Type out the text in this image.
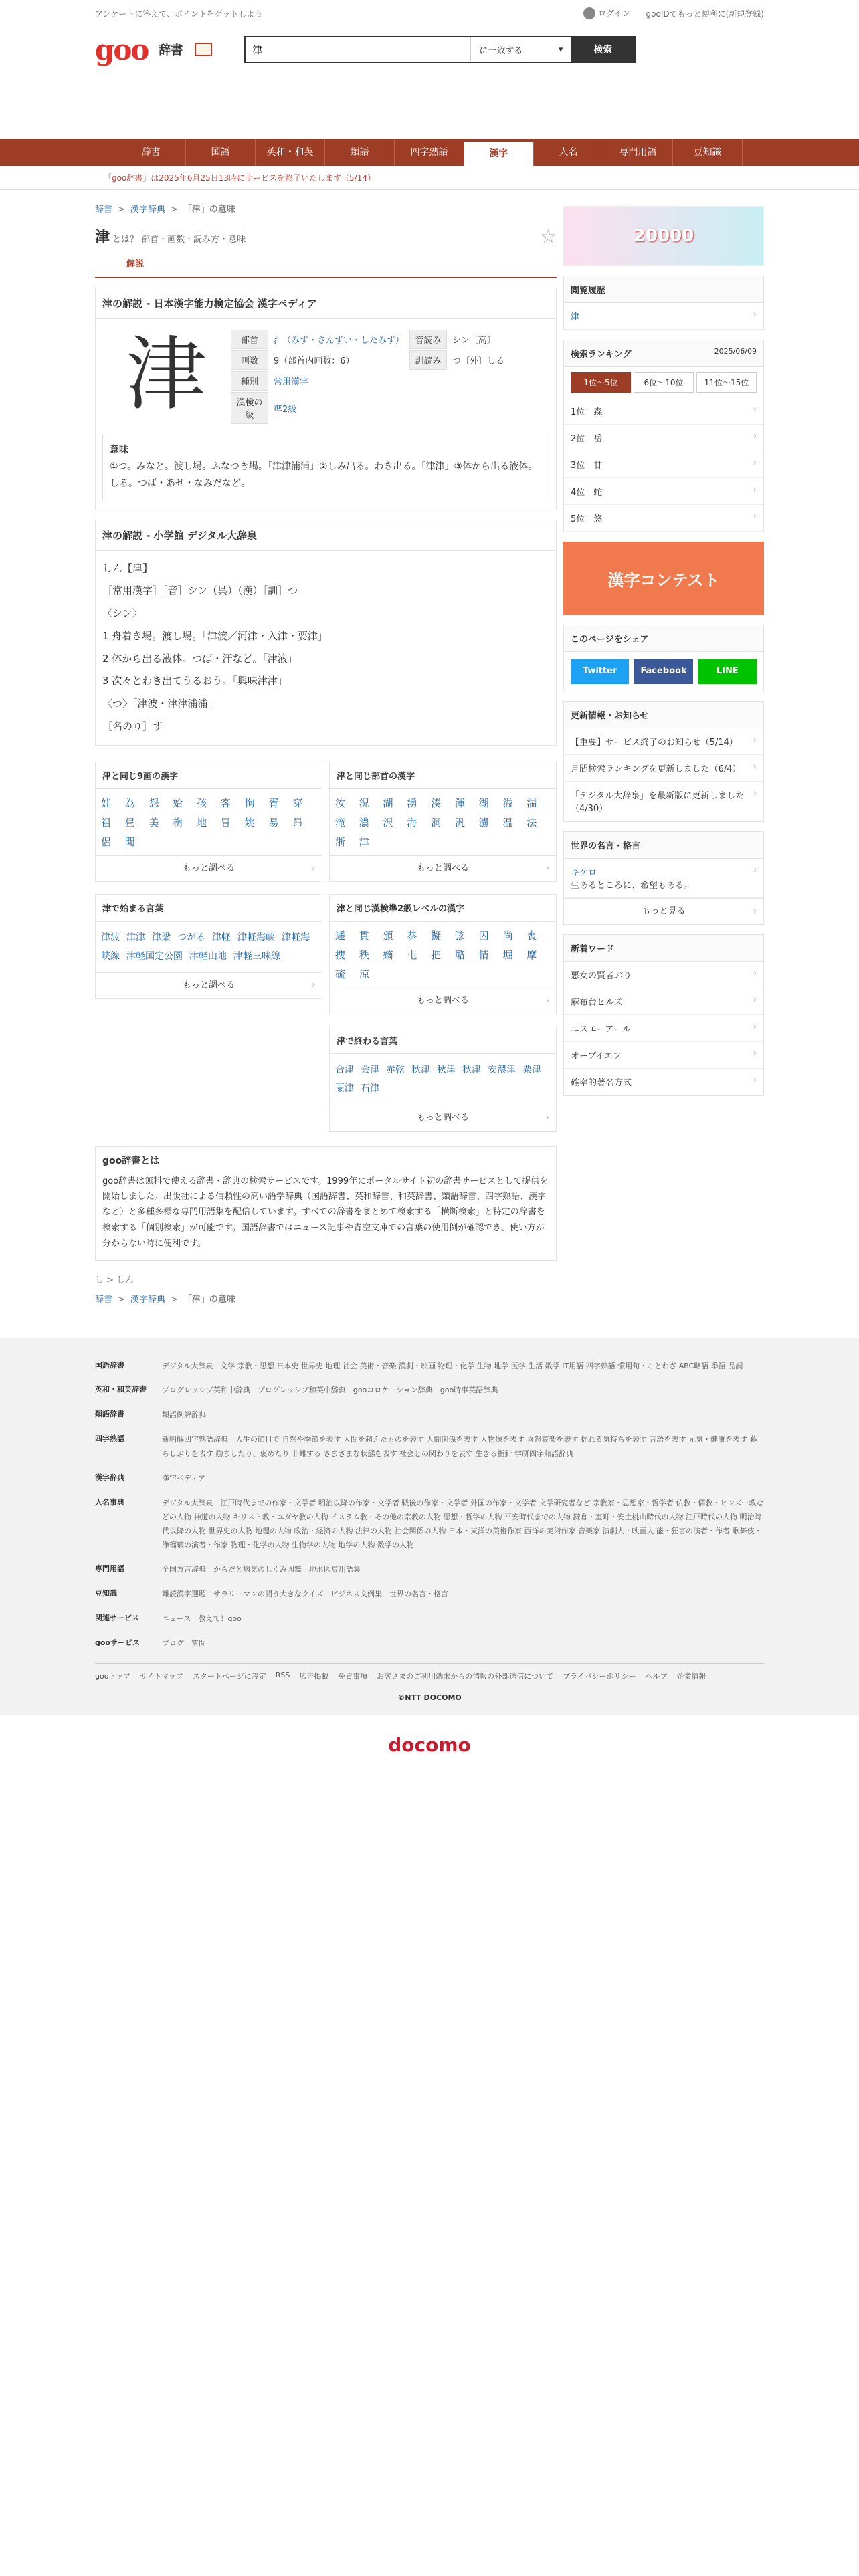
アンケートに答えて、ポイントをゲットしよう	ログイン gooIDでもっと便利に(新規登録)
goo 辞書
津	に一致する	▾	検索
辞書	国語	英和・和英	類語	四字熟語	漢字	人名	専門用語	豆知識
「goo辞書」は2025年6月25日13時にサービスを終了いたします（5/14）
辞書 > 漢字辞典 > 「津」の意味
津とは？ 部首・画数・読み方・意味	☆
解説
津の解説 - 日本漢字能力検定協会 漢字ペディア
津	部首	氵（みず・さんずい・したみず）	音読み	シン〔高〕
画数	9（部首内画数：6）	訓読み	つ〔外〕しる
種別	常用漢字		
漢検の級	準2級		
意味
①つ。みなと。渡し場。ふなつき場。「津津浦浦」②しみ出る。わき出る。「津津」③体から出る液体。しる。つば・あせ・なみだなど。
津の解説 - 小学館 デジタル大辞泉
しん【津】
［常用漢字］［音］シン（呉）（漢）［訓］つ
〈シン〉
1 舟着き場。渡し場。「津渡／河津・入津・要津」
2 体から出る液体。つば・汗など。「津液」
3 次々とわき出てうるおう。「興味津津」
〈つ〉「津波・津津浦浦」
［名のり］ず
津と同じ9画の漢字
娃	為	怨	姶	孩	客	恂	胥	穿
祖	昼	美	栴	地	冒	姚	易	昂
侶	聞
もっと調べる ›
津で始まる言葉
津波 津津 津梁 つがる 津軽 津軽海峡 津軽海峡線 津軽国定公園 津軽山地 津軽三味線
もっと調べる ›
津と同じ部首の漢字
汝	況	湖	湧	湊	渾	湖	溢	湍
滝	濃	沢	海	洞	汎	濾	温	法
浙	津
もっと調べる ›
津と同じ漢検準2級レベルの漢字
逓	貫	頒	恭	擬	弦	囚	尚	喪
捜	秩	嫡	屯	把	酪	情	堀	摩
硫	涼
もっと調べる ›
津で終わる言葉
合津 会津 赤乾 秋津 秋津 秋津 安濃津 粟津粟津 石津
もっと調べる ›
goo辞書とは

goo辞書は無料で使える辞書・辞典の検索サービスです。1999年にポータルサイト初の辞書サービスとして提供を開始しました。出版社による信頼性の高い語学辞典（国語辞書、英和辞書、和英辞書、類語辞書、四字熟語、漢字など）と多種多様な専門用語集を配信しています。すべての辞書をまとめて検索する「横断検索」と特定の辞書を検索する「個別検索」が可能です。国語辞書ではニュース記事や青空文庫での言葉の使用例が確認でき、使い方が分からない時に便利です。

し > しん
辞書 > 漢字辞典 > 「津」の意味
20000
閲覧履歴
津
›
検索ランキング	2025/06/09
1位〜5位	6位〜10位	11位〜15位
1位　森
›
2位　岳
›
3位　甘
›
4位　蛇
›
5位　悠
›
漢字コンテスト
このページをシェア
Twitter	Facebook	LINE
更新情報・お知らせ
【重要】サービス終了のお知らせ（5/14）
›
月間検索ランキングを更新しました（6/4）
›
「デジタル大辞泉」を最新版に更新しました（4/30）
›
世界の名言・格言
キケロ
生あるところに、希望もある。
›
もっと見る ›
新着ワード
悪女の賢者ぶり
›
麻布台ヒルズ
›
エスエーアール
›
オーブイエフ
›
確率的著名方式
›
国語辞書	デジタル大辞泉　文学 宗教・思想 日本史 世界史 地理 社会 美術・音楽 漢劇・映画 物理・化学 生物 地学 医学 生活 数学 IT用語 四字熟語 慣用句・ことわざ ABC略語 季語 品詞
英和・和英辞書	プログレッシブ英和中辞典　プログレッシブ和英中辞典　gooコロケーション辞典　goo時事英語辞典
類語辞書	類語例解辞典
四字熟語	新明解四字熟語辞典　人生の節目で 自然や季節を表す 人間を超えたものを表す 人間関係を表す 人物像を表す 喜怒哀楽を表す 揺れる気持ちを表す 言語を表す 元気・健康を表す 暮らしぶりを表す 励ましたり、褒めたり 非難する さまざまな状態を表す 社会との関わりを表す 生きる指針 学研四字熟語辞典
漢字辞典	漢字ペディア
人名事典	デジタル大辞泉　江戸時代までの作家・文学者 明治以降の作家・文学者 戦後の作家・文学者 外国の作家・文学者 文学研究者など 宗教家・思想家・哲学者 仏教・儒教・ヒンズー教などの人物 神道の人物 キリスト教・ユダヤ教の人物 イスラム教・その他の宗教の人物 思想・哲学の人物 平安時代までの人物 鎌倉・室町・安土桃山時代の人物 江戸時代の人物 明治時代以降の人物 世界史の人物 地理の人物 政治・経済の人物 法律の人物 社会関係の人物 日本・東洋の美術作家 西洋の美術作家 音楽家 演劇人・映画人 能・狂言の演者・作者 歌舞伎・浄瑠璃の演者・作家 物理・化学の人物 生物学の人物 地学の人物 数学の人物
専門用語	全国方言辞典　からだと病気のしくみ図鑑　地形図専用語集
豆知識	難読漢字選題　サラリーマンの闘う大きなクイズ　ビジネス文例集　世界の名言・格言
関連サービス	ニュース　教えて！goo
gooサービス	ブログ　質問
gooトップ サイトマップ スタートページに設定 RSS 広告掲載 免責事項 お客さまのご利用端末からの情報の外部送信について プライバシーポリシー ヘルプ 企業情報
©NTT DOCOMO
docomo
